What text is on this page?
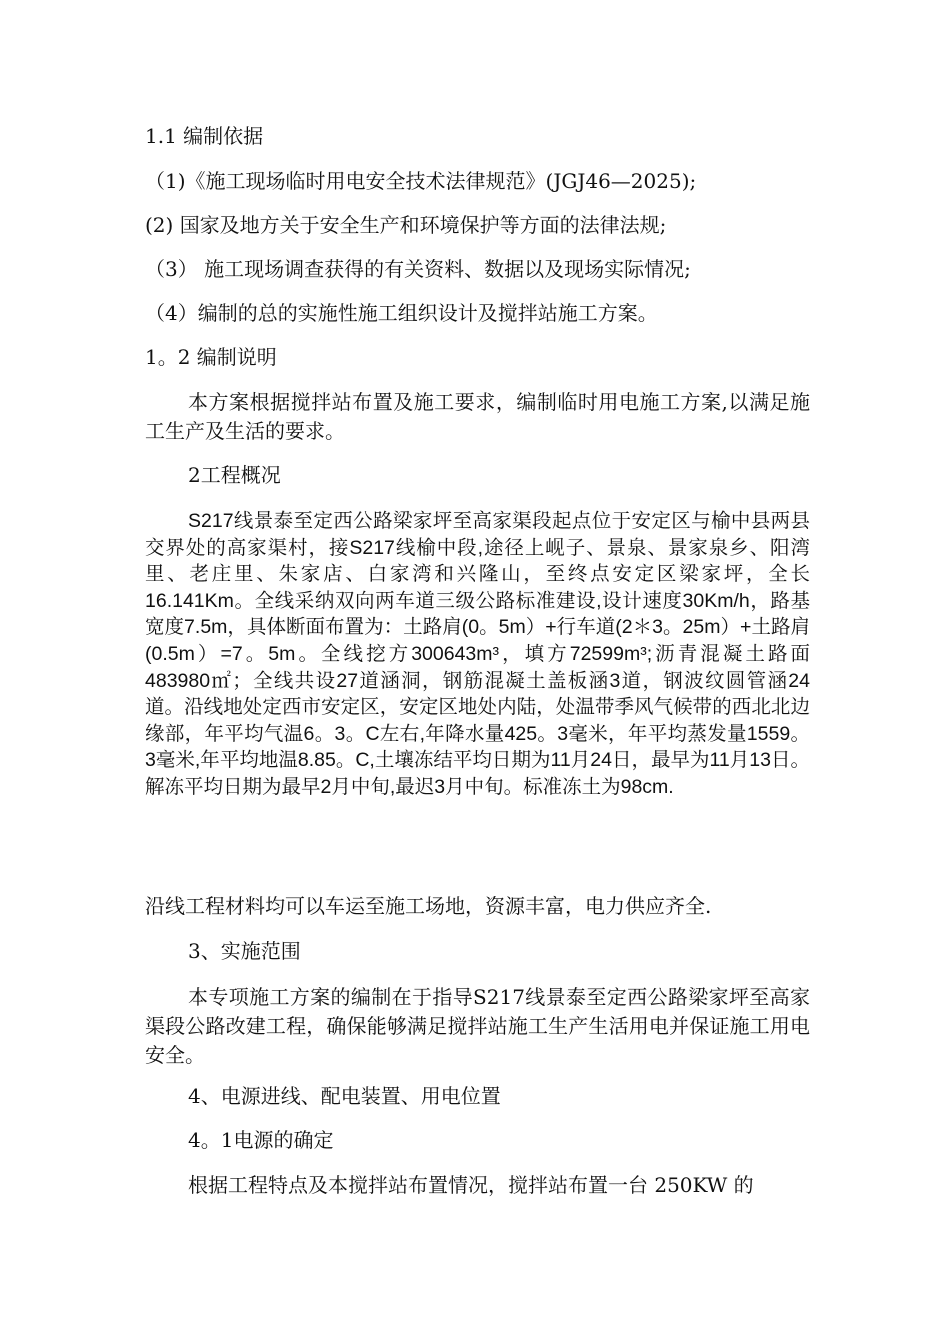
1.1 编制依据

（1)《施工现场临时用电安全技术法律规范》(JGJ46—2025);

(2) 国家及地方关于安全生产和环境保护等方面的法律法规;

（3） 施工现场调查获得的有关资料、数据以及现场实际情况;

（4）编制的总的实施性施工组织设计及搅拌站施工方案。

1。2 编制说明

本方案根据搅拌站布置及施工要求，编制临时用电施工方案,以满足施工生产及生活的要求。

2工程概况

S217线景泰至定西公路梁家坪至高家渠段起点位于安定区与榆中县两县交界处的高家渠村，接S217线榆中段,途径上岘子、景泉、景家泉乡、阳湾里、老庄里、朱家店、白家湾和兴隆山，至终点安定区梁家坪，全长16.141Km。全线采纳双向两车道三级公路标准建设,设计速度30Km/h，路基宽度7.5m，具体断面布置为：土路肩(0。5m）+行车道(2＊3。25m）+土路肩(0.5m）=7。5m。全线挖方300643m³，填方72599m³;沥青混凝土路面483980㎡；全线共设27道涵洞，钢筋混凝土盖板涵3道，钢波纹圆管涵24道。沿线地处定西市安定区，安定区地处内陆，处温带季风气候带的西北北边缘部，年平均气温6。3。C左右,年降水量425。3毫米，年平均蒸发量1559。3毫米,年平均地温8.85。C,土壤冻结平均日期为11月24日，最早为11月13日。解冻平均日期为最早2月中旬,最迟3月中旬。标准冻土为98cm.

沿线工程材料均可以车运至施工场地，资源丰富，电力供应齐全.

3、实施范围

本专项施工方案的编制在于指导S217线景泰至定西公路梁家坪至高家渠段公路改建工程，确保能够满足搅拌站施工生产生活用电并保证施工用电安全。

4、电源进线、配电装置、用电位置

4。1电源的确定

根据工程特点及本搅拌站布置情况，搅拌站布置一台 250KW 的
